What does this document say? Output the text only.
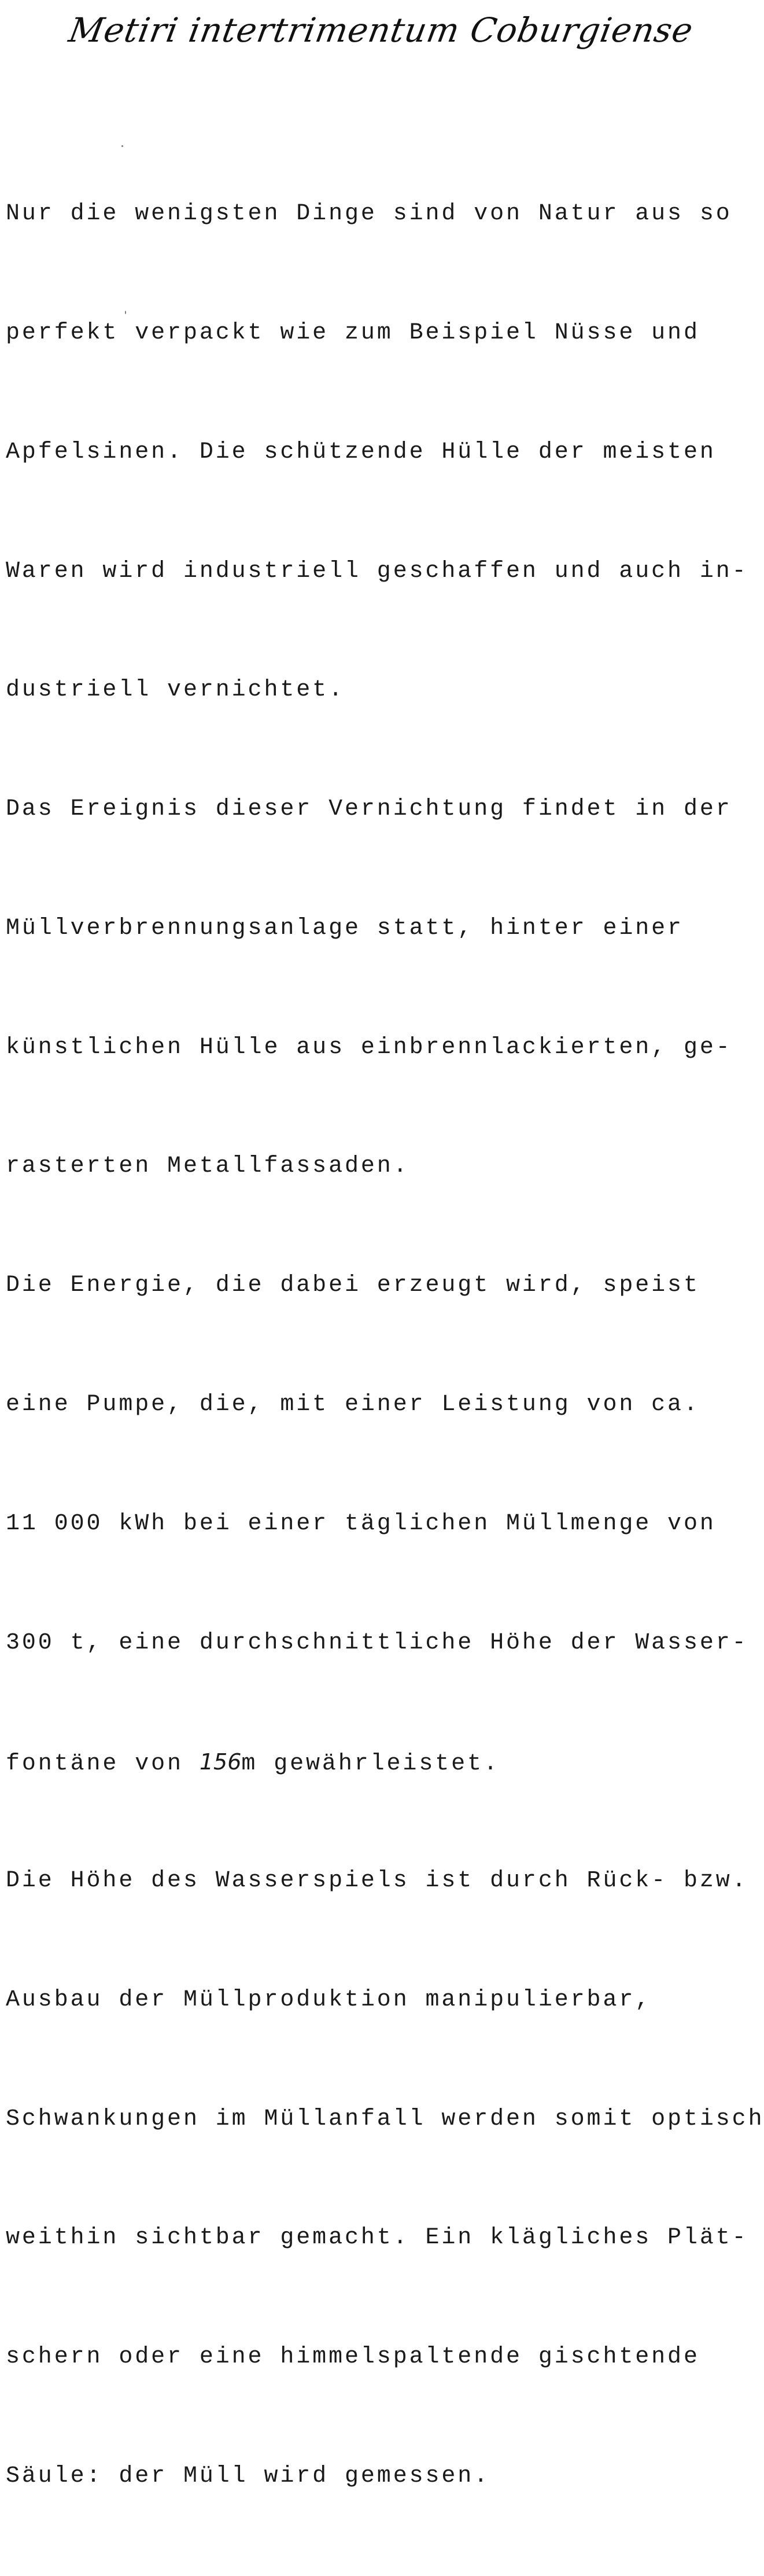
Metiri intertrimentum Coburgiense

Nur die wenigsten Dinge sind von Natur aus so

perfekt verpackt wie zum Beispiel Nüsse und

Apfelsinen. Die schützende Hülle der meisten

Waren wird industriell geschaffen und auch in-

dustriell vernichtet.

Das Ereignis dieser Vernichtung findet in der

Müllverbrennungsanlage statt, hinter einer

künstlichen Hülle aus einbrennlackierten, ge-

rasterten Metallfassaden.

Die Energie, die dabei erzeugt wird, speist

eine Pumpe, die, mit einer Leistung von ca.

11 000 kWh bei einer täglichen Müllmenge von

300 t, eine durchschnittliche Höhe der Wasser-

fontäne von 156m gewährleistet.

Die Höhe des Wasserspiels ist durch Rück- bzw.

Ausbau der Müllproduktion manipulierbar,

Schwankungen im Müllanfall werden somit optisch

weithin sichtbar gemacht. Ein klägliches Plät-

schern oder eine himmelspaltende gischtende

Säule: der Müll wird gemessen.
